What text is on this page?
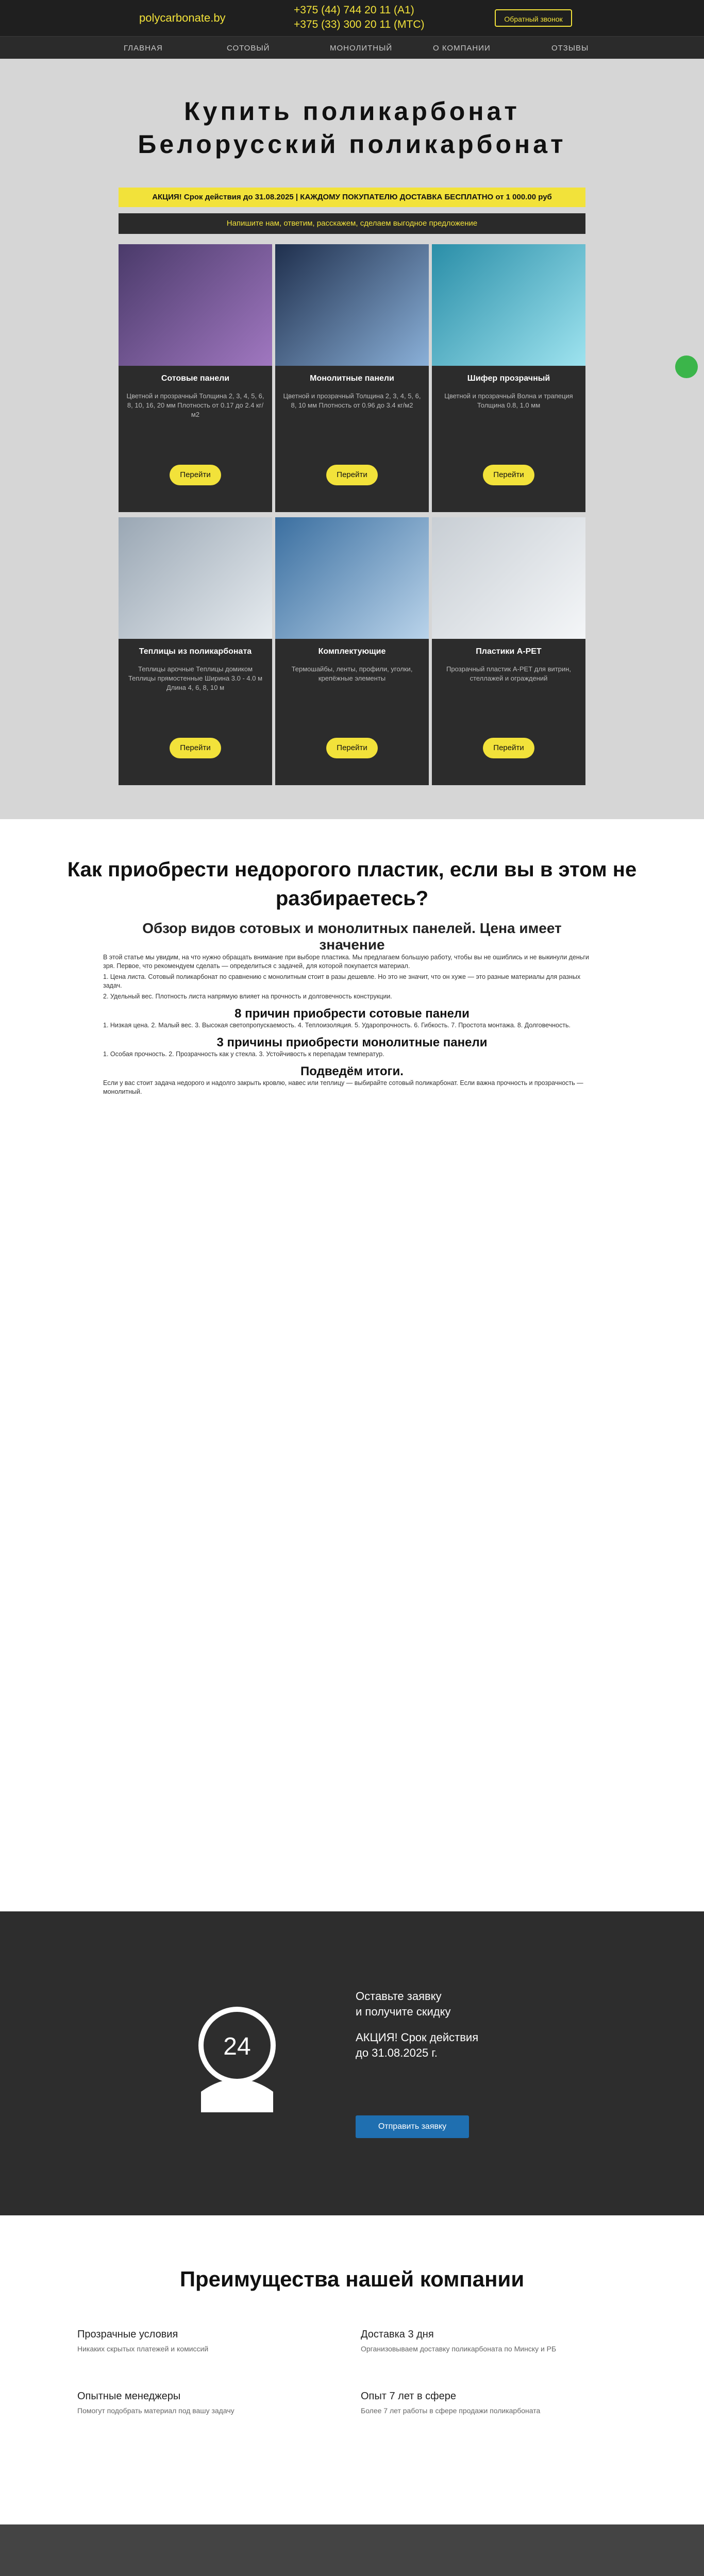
polycarbonate.by
+375 (44) 744 20 11 (А1)
+375 (33) 300 20 11 (МТС)	Обратный звонок
ГЛАВНАЯ	СОТОВЫЙ	МОНОЛИТНЫЙ	О КОМПАНИИ	ОТЗЫВЫ
Купить поликарбонат
Белорусский поликарбонат
АКЦИЯ! Срок действия до 31.08.2025 | КАЖДОМУ ПОКУПАТЕЛЮ ДОСТАВКА БЕСПЛАТНО от 1 000.00 руб
Напишите нам, ответим, расскажем, сделаем выгодное предложение
Сотовые панели
Цветной и прозрачный Толщина 2, 3, 4, 5, 6, 8, 10, 16, 20 мм Плотность от 0.17 до 2.4 кг/м2
Перейти
Монолитные панели
Цветной и прозрачный Толщина 2, 3, 4, 5, 6, 8, 10 мм Плотность от 0.96 до 3.4 кг/м2
Перейти
Шифер прозрачный
Цветной и прозрачный Волна и трапеция Толщина 0.8, 1.0 мм
Перейти
Теплицы из поликарбоната
Теплицы арочные Теплицы домиком Теплицы прямостенные Ширина 3.0 - 4.0 м Длина 4, 6, 8, 10 м
Перейти
Комплектующие
Термошайбы, ленты, профили, уголки, крепёжные элементы
Перейти
Пластики А-PЕТ
Прозрачный пластик А-PЕТ для витрин, стеллажей и ограждений
Перейти
Как приобрести недорогого пластик, если вы в этом не разбираетесь?
Обзор видов сотовых и монолитных панелей. Цена имеет значение

В этой статье мы увидим, на что нужно обращать внимание при выборе пластика. Мы предлагаем большую работу, чтобы вы не ошиблись и не выкинули деньги зря. Первое, что рекомендуем сделать — определиться с задачей, для которой покупается материал.

1. Цена листа. Сотовый поликарбонат по сравнению с монолитным стоит в разы дешевле. Но это не значит, что он хуже — это разные материалы для разных задач.

2. Удельный вес. Плотность листа напрямую влияет на прочность и долговечность конструкции.

8 причин приобрести сотовые панели

1. Низкая цена. 2. Малый вес. 3. Высокая светопропускаемость. 4. Теплоизоляция. 5. Ударопрочность. 6. Гибкость. 7. Простота монтажа. 8. Долговечность.

3 причины приобрести монолитные панели

1. Особая прочность. 2. Прозрачность как у стекла. 3. Устойчивость к перепадам температур.

Подведём итоги.

Если у вас стоит задача недорого и надолго закрыть кровлю, навес или теплицу — выбирайте сотовый поликарбонат. Если важна прочность и прозрачность — монолитный.

24
Оставьте заявку
и получите скидку
АКЦИЯ! Срок действия
до 31.08.2025 г.
Отправить заявку
Преимущества нашей компании
Прозрачные условия
Никаких скрытых платежей и комиссий
Доставка 3 дня
Организовываем доставку поликарбоната по Минску и РБ
Опытные менеджеры
Помогут подобрать материал под вашу задачу
Опыт 7 лет в сфере
Более 7 лет работы в сфере продажи поликарбоната
